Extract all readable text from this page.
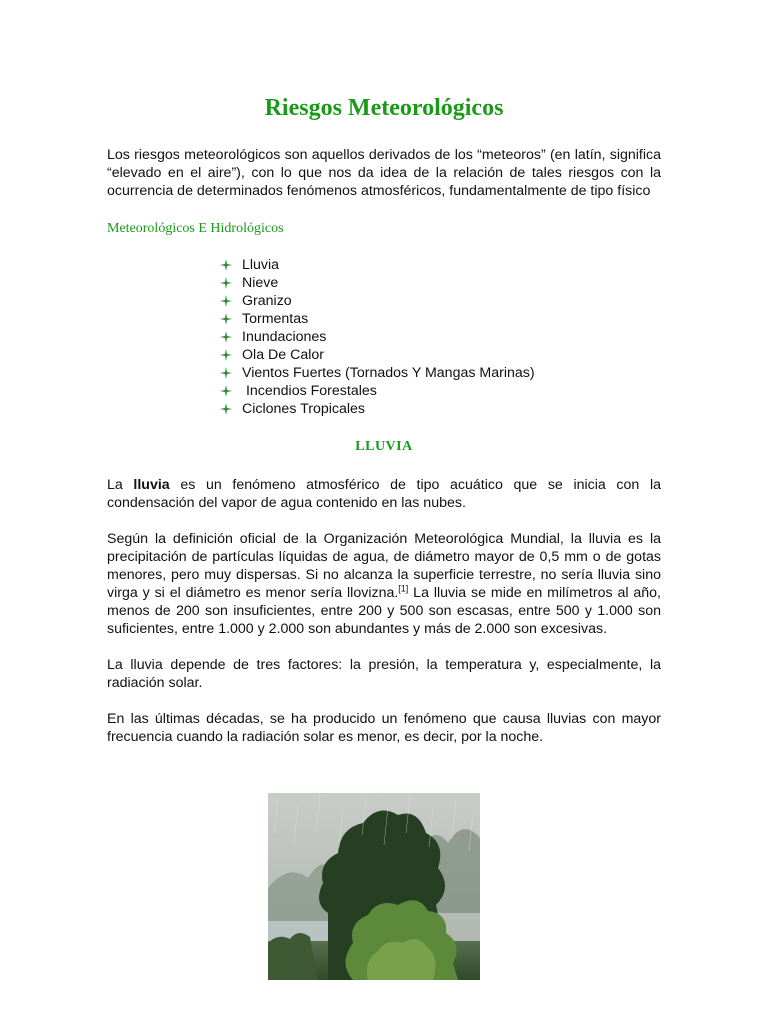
Riesgos Meteorológicos

Los riesgos meteorológicos son aquellos derivados de los “meteoros” (en latín, significa “elevado en el aire”), con lo que nos da idea de la relación de tales riesgos con la ocurrencia de determinados fenómenos atmosféricos, fundamentalmente de tipo físico

Meteorológicos E Hidrológicos
Lluvia
Nieve
Granizo
Tormentas
Inundaciones
Ola De Calor
Vientos Fuertes (Tornados Y Mangas Marinas)
Incendios Forestales
Ciclones Tropicales
LLUVIA

La lluvia es un fenómeno atmosférico de tipo acuático que se inicia con la condensación del vapor de agua contenido en las nubes.

Según la definición oficial de la Organización Meteorológica Mundial, la lluvia es la precipitación de partículas líquidas de agua, de diámetro mayor de 0,5 mm o de gotas menores, pero muy dispersas. Si no alcanza la superficie terrestre, no sería lluvia sino virga y si el diámetro es menor sería llovizna.[1] La lluvia se mide en milímetros al año, menos de 200 son insuficientes, entre 200 y 500 son escasas, entre 500 y 1.000 son suficientes, entre 1.000 y 2.000 son abundantes y más de 2.000 son excesivas.

La lluvia depende de tres factores: la presión, la temperatura y, especialmente, la radiación solar.

En las últimas décadas, se ha producido un fenómeno que causa lluvias con mayor frecuencia cuando la radiación solar es menor, es decir, por la noche.
